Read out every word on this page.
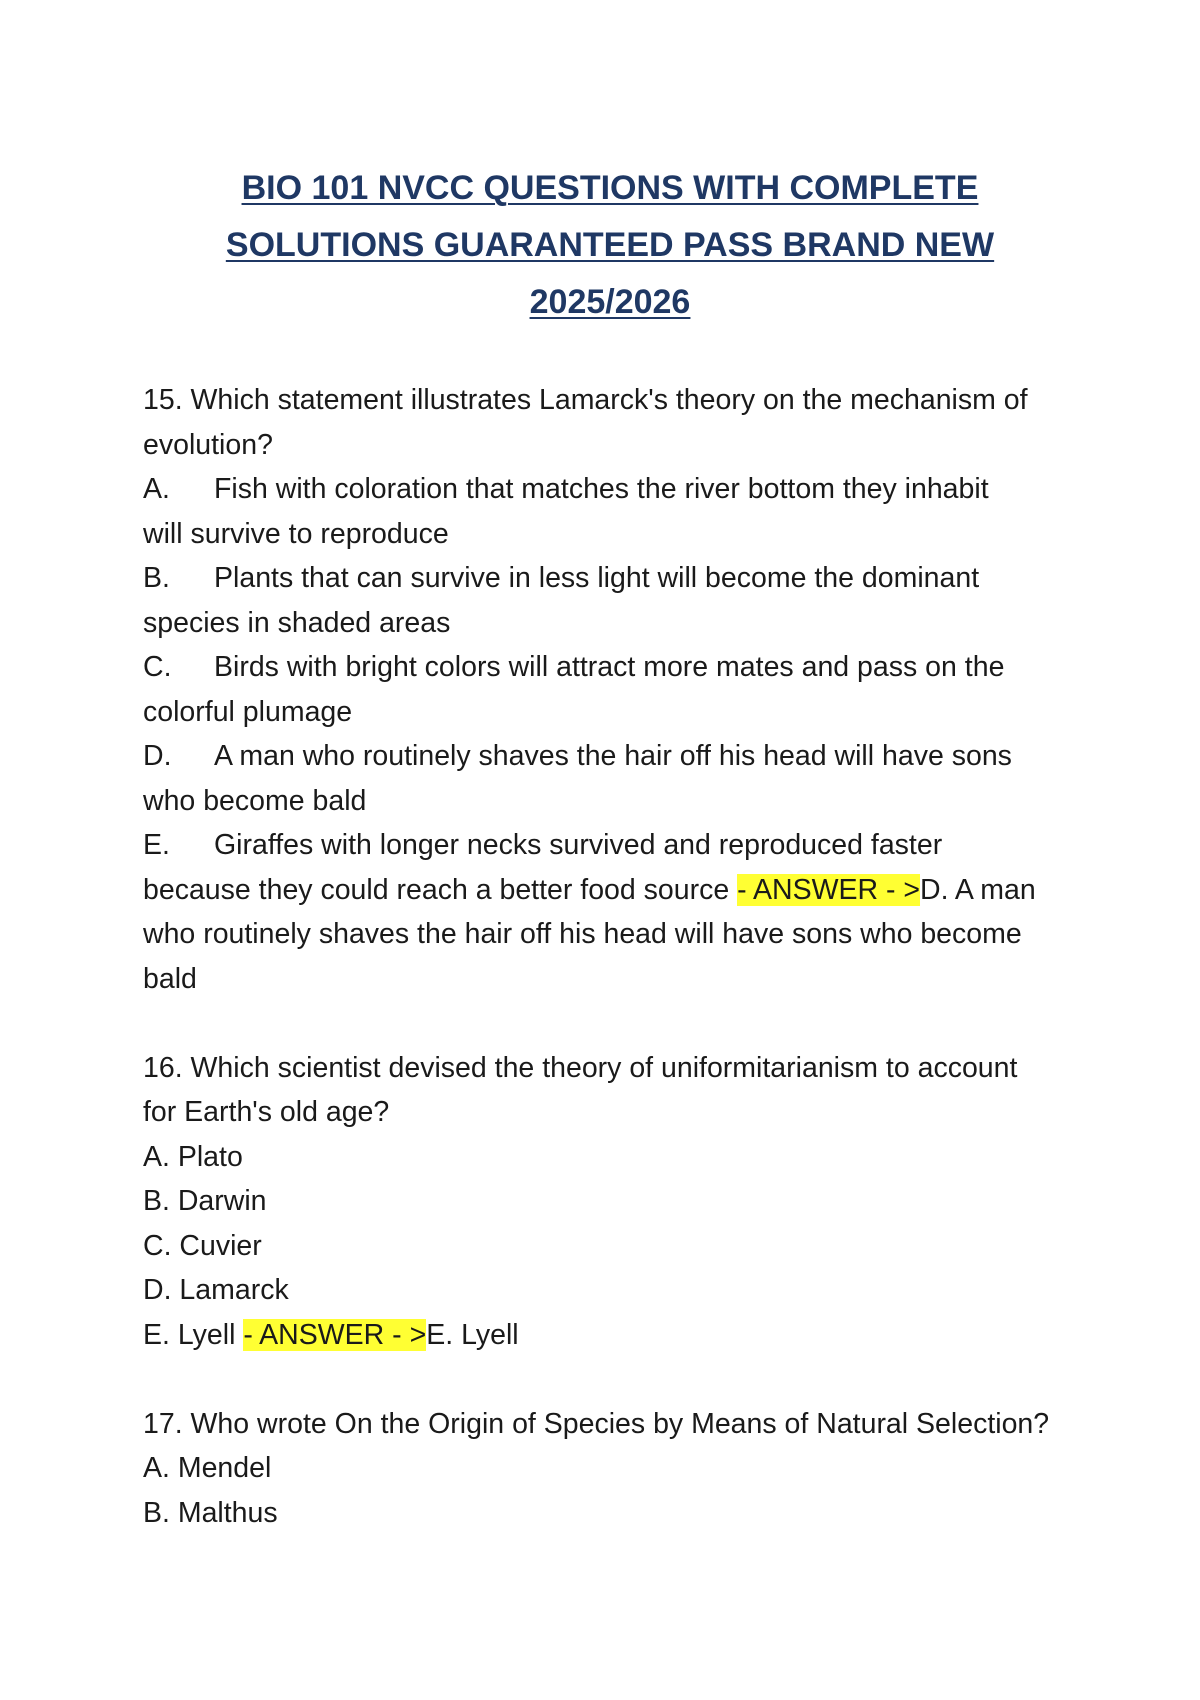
BIO 101 NVCC QUESTIONS WITH COMPLETE
SOLUTIONS GUARANTEED PASS BRAND NEW
2025/2026
15. Which statement illustrates Lamarck's theory on the mechanism of
evolution?
A. Fish with coloration that matches the river bottom they inhabit
will survive to reproduce
B. Plants that can survive in less light will become the dominant
species in shaded areas
C. Birds with bright colors will attract more mates and pass on the
colorful plumage
D. A man who routinely shaves the hair off his head will have sons
who become bald
E. Giraffes with longer necks survived and reproduced faster
because they could reach a better food source - ANSWER - >D. A man
who routinely shaves the hair off his head will have sons who become
bald
16. Which scientist devised the theory of uniformitarianism to account
for Earth's old age?
A. Plato
B. Darwin
C. Cuvier
D. Lamarck
E. Lyell - ANSWER - >E. Lyell
17. Who wrote On the Origin of Species by Means of Natural Selection?
A. Mendel
B. Malthus
